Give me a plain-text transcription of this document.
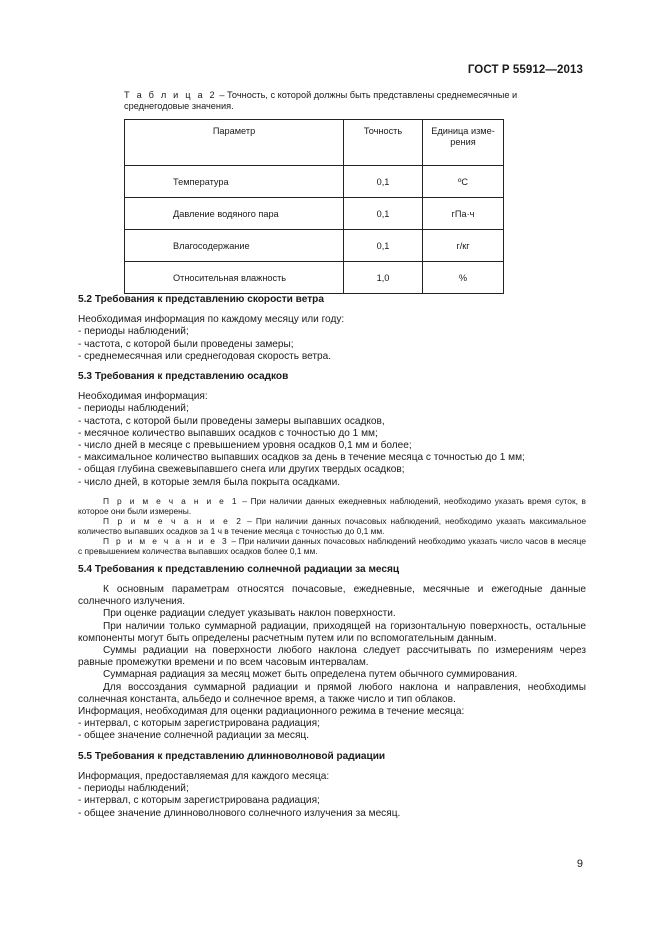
ГОСТ Р 55912—2013
Т а б л и ц а 2 – Точность, с которой должны быть представлены среднемесячные и среднегодовые значения.
Параметр	Точность	Единица изме-
рения
Температура	0,1	ºС
Давление водяного пара	0,1	гПа·ч
Влагосодержание	0,1	г/кг
Относительная влажность	1,0	%

5.2 Требования к представлению скорости ветра

Необходимая информация по каждому месяцу или году:

- периоды наблюдений;

- частота, с которой были проведены замеры;

- среднемесячная или среднегодовая скорость ветра.

5.3 Требования к представлению осадков

Необходимая информация:

- периоды наблюдений;

- частота, с которой были проведены замеры выпавших осадков,

- месячное количество выпавших осадков с точностью до 1 мм;

- число дней в месяце с превышением уровня осадков 0,1 мм и более;

- максимальное количество выпавших осадков за день в течение месяца с точностью до 1 мм;

- общая глубина свежевыпавшего снега или других твердых осадков;

- число дней, в которые земля была покрыта осадками.

П р и м е ч а н и е 1 – При наличии данных ежедневных наблюдений, необходимо указать время суток, в которое они были измерены.

П р и м е ч а н и е 2 – При наличии данных почасовых наблюдений, необходимо указать максимальное количество выпавших осадков за 1 ч в течение месяца с точностью до 0,1 мм.

П р и м е ч а н и е 3 – При наличии данных почасовых наблюдений необходимо указать число часов в месяце с превышением количества выпавших осадков более 0,1 мм.

5.4 Требования к представлению солнечной радиации за месяц

К основным параметрам относятся почасовые, ежедневные, месячные и ежегодные данные солнечного излучения.

При оценке радиации следует указывать наклон поверхности.

При наличии только суммарной радиации, приходящей на горизонтальную поверхность, остальные компоненты могут быть определены расчетным путем или по вспомогательным данным.

Суммы радиации на поверхности любого наклона следует рассчитывать по измерениям через равные промежутки времени и по всем часовым интервалам.

Суммарная радиация за месяц может быть определена путем обычного суммирования.

Для воссоздания суммарной радиации и прямой любого наклона и направления, необходимы солнечная константа, альбедо и солнечное время, а также число и тип облаков.

Информация, необходимая для оценки радиационного режима в течение месяца:

- интервал, с которым зарегистрирована радиация;

- общее значение солнечной радиации за месяц.

5.5 Требования к представлению длинноволновой радиации

Информация, предоставляемая для каждого месяца:

- периоды наблюдений;

- интервал, с которым зарегистрирована радиация;

- общее значение длинноволнового солнечного излучения за месяц.

9
